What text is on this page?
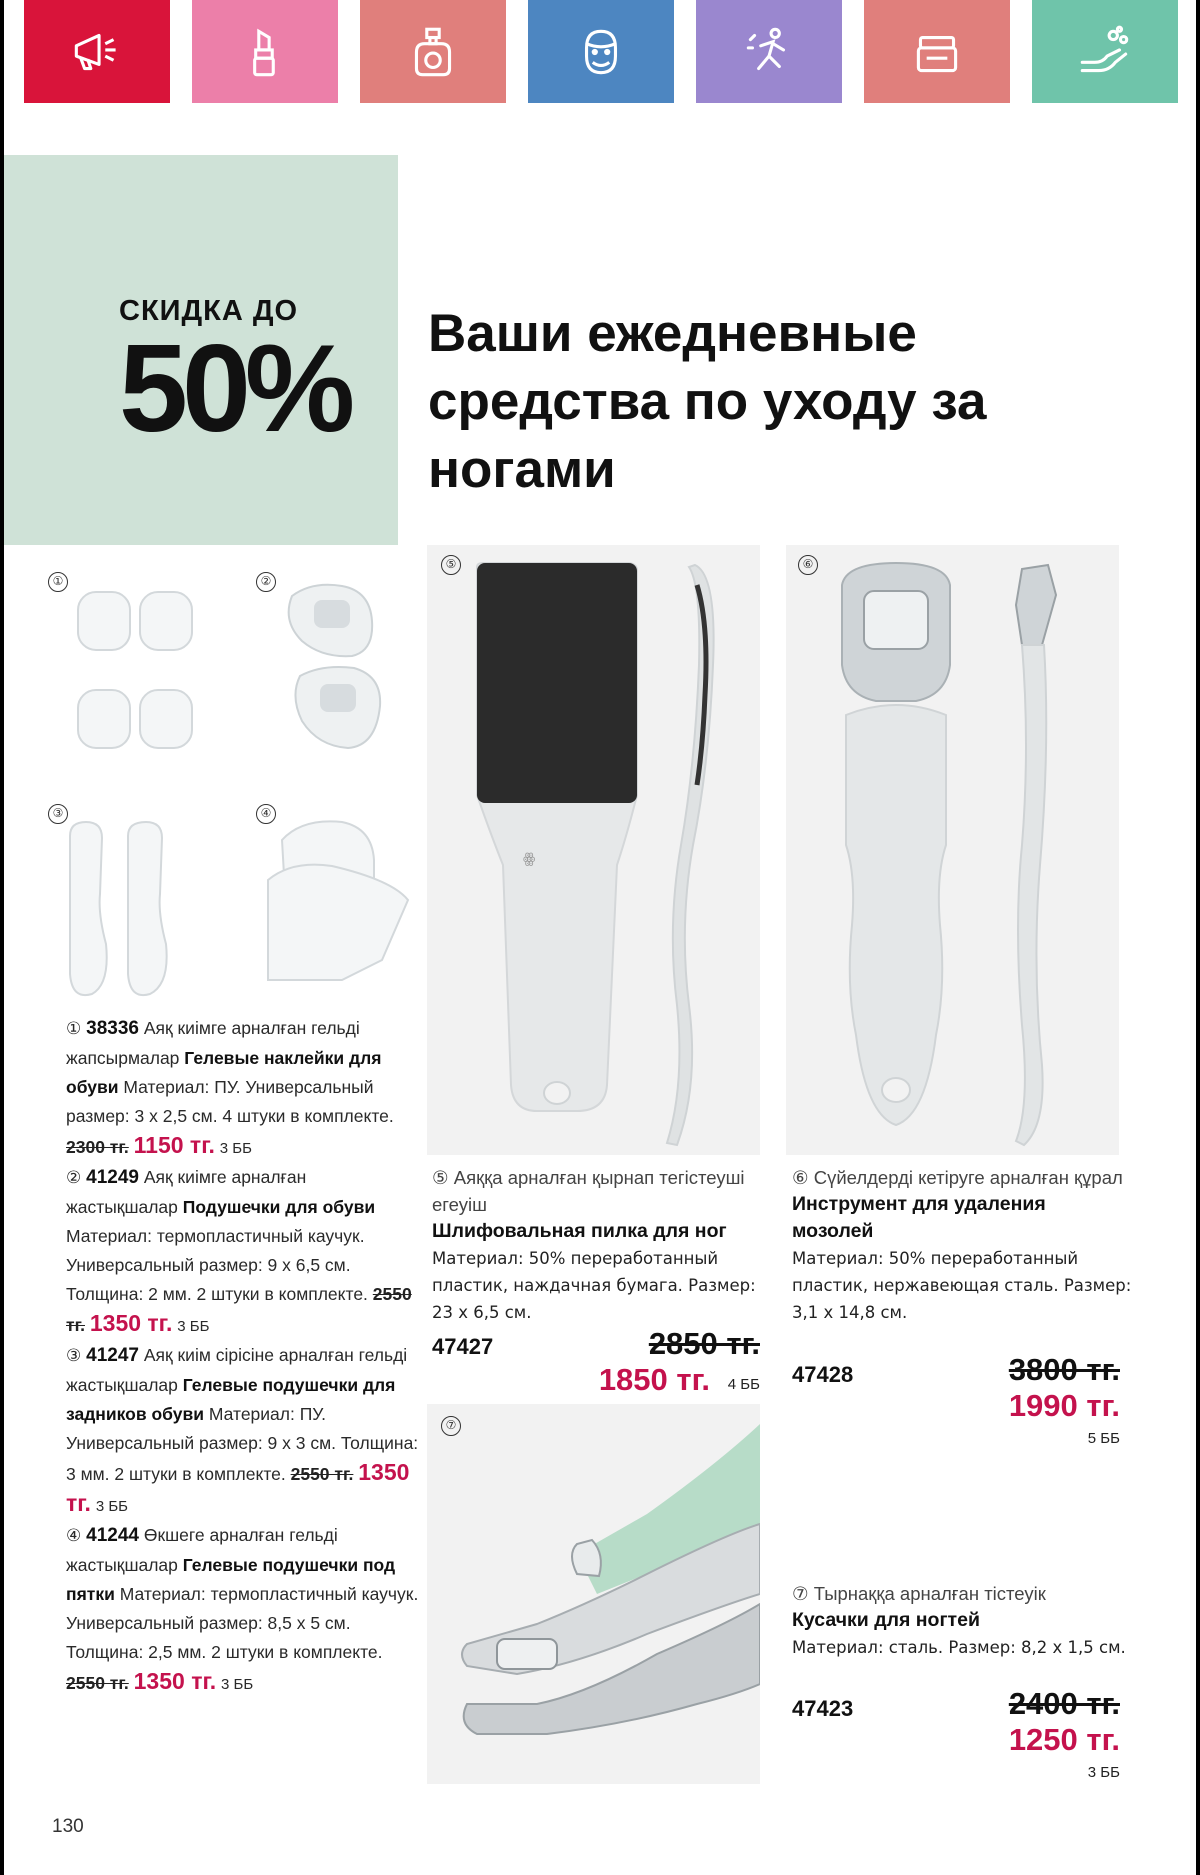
СКИДКА ДО
50% Ваши ежедневные средства по уходу за ногами
①	②
③	④
① 38336 Аяқ киімге арналған гельді жапсырмалар Гелевые наклейки для обуви Материал: ПУ. Универсальный размер: 3 x 2,5 см. 4 штуки в комплекте. 2300 тг. 1150 тг. 3 ББ
② 41249 Аяқ киімге арналған жастықшалар Подушечки для обуви Материал: термопластичный каучук. Универсальный размер: 9 x 6,5 см. Толщина: 2 мм. 2 штуки в комплекте. 2550 тг. 1350 тг. 3 ББ
③ 41247 Аяқ киім сірісіне арналған гельді жастықшалар Гелевые подушечки для задников обуви Материал: ПУ. Универсальный размер: 9 x 3 см. Толщина: 3 мм. 2 штуки в комплекте. 2550 тг. 1350 тг. 3 ББ
④ 41244 Өкшеге арналған гельді жастықшалар Гелевые подушечки под пятки Материал: термопластичный каучук. Универсальный размер: 8,5 x 5 см. Толщина: 2,5 мм. 2 штуки в комплекте. 2550 тг. 1350 тг. 3 ББ
⑤
ꙮ
⑥
⑤ Аяққа арналған қырнап тегістеуші егеуіш
Шлифовальная пилка для ног
Материал: 50% переработанный пластик, наждачная бумага. Размер: 23 x 6,5 см.
47427	2850 тг.
1850 тг.	4 ББ
⑥ Сүйелдерді кетіруге арналған құрал
Инструмент для удаления мозолей
Материал: 50% переработанный пластик, нержавеющая сталь. Размер: 3,1 x 14,8 см.
47428	3800 тг.
1990 тг.
5 ББ
⑦
⑦ Тырнаққа арналған тістеуік
Кусачки для ногтей
Материал: сталь. Размер: 8,2 x 1,5 см.
47423	2400 тг.
1250 тг.
3 ББ
130
